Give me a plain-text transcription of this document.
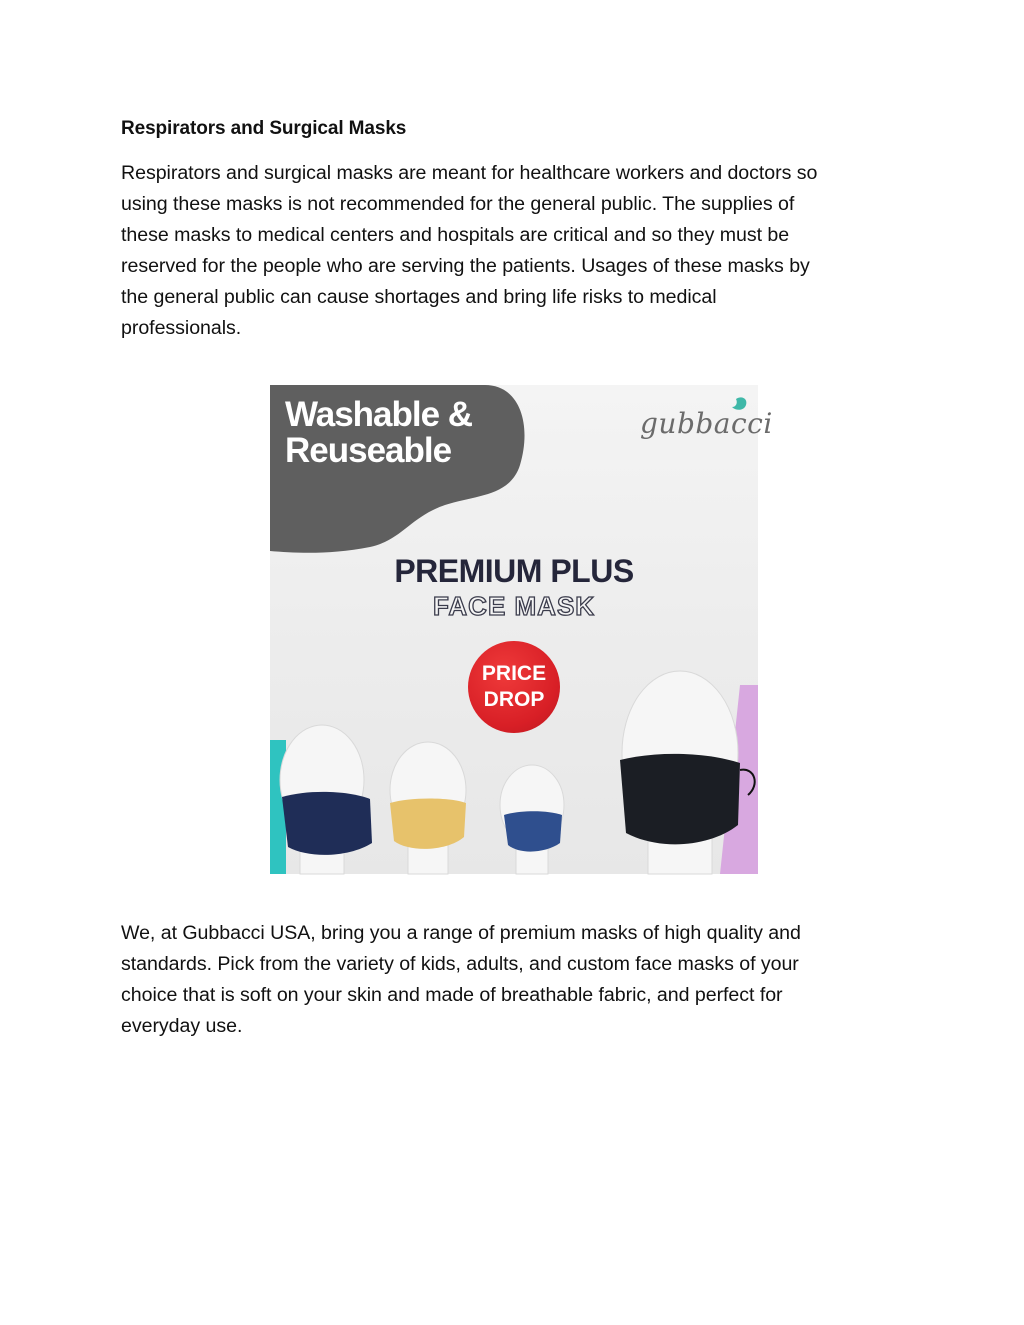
Respirators and Surgical Masks

Respirators and surgical masks are meant for healthcare workers and doctors so
using these masks is not recommended for the general public. The supplies of
these masks to medical centers and hospitals are critical and so they must be
reserved for the people who are serving the patients. Usages of these masks by
the general public can cause shortages and bring life risks to medical
professionals.

Washable &
Reuseable
gubbacci
PREMIUM PLUS
FACE MASK
PRICE
DROP

We, at Gubbacci USA, bring you a range of premium masks of high quality and
standards. Pick from the variety of kids, adults, and custom face masks of your
choice that is soft on your skin and made of breathable fabric, and perfect for
everyday use.
